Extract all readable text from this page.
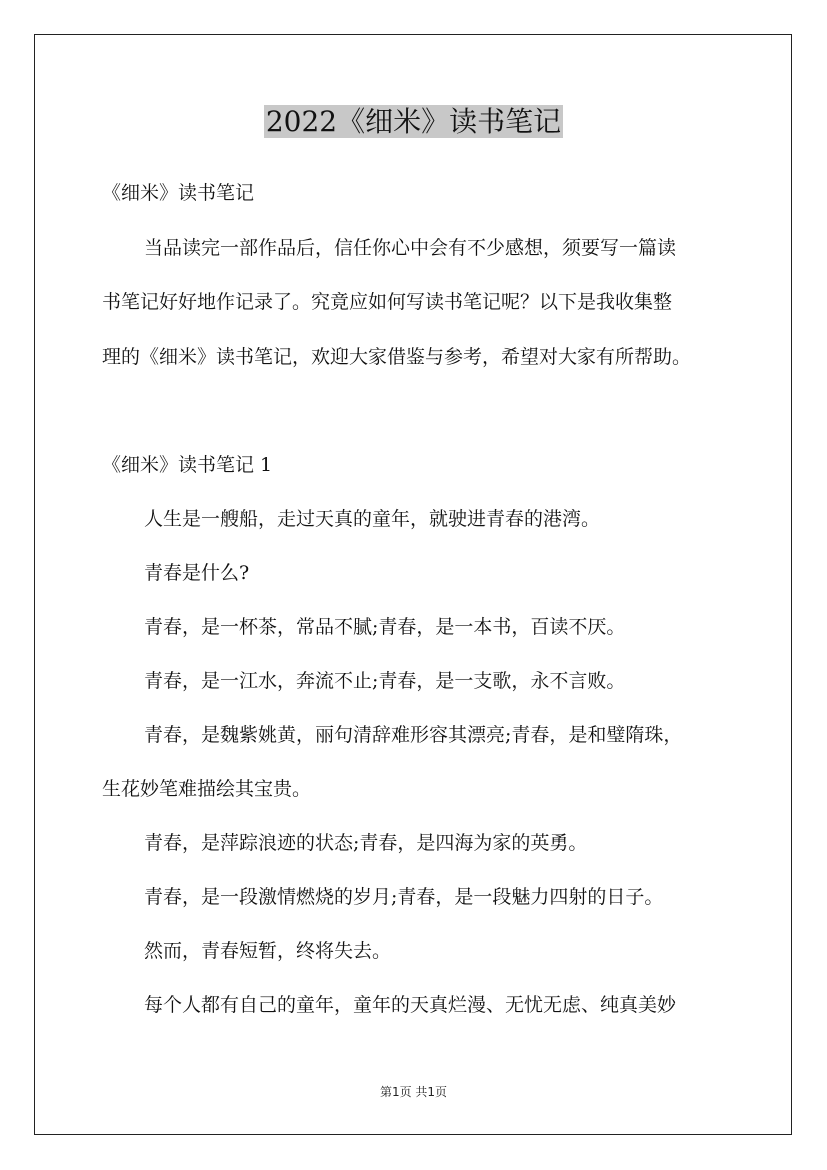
2022《细米》读书笔记

《细米》读书笔记

当品读完一部作品后，信任你心中会有不少感想，须要写一篇读

书笔记好好地作记录了。究竟应如何写读书笔记呢？以下是我收集整

理的《细米》读书笔记，欢迎大家借鉴与参考，希望对大家有所帮助。

《细米》读书笔记 1

人生是一艘船，走过天真的童年，就驶进青春的港湾。

青春是什么?

青春，是一杯茶，常品不腻;青春，是一本书，百读不厌。

青春，是一江水，奔流不止;青春，是一支歌，永不言败。

青春，是魏紫姚黄，丽句清辞难形容其漂亮;青春，是和璧隋珠，

生花妙笔难描绘其宝贵。

青春，是萍踪浪迹的状态;青春，是四海为家的英勇。

青春，是一段激情燃烧的岁月;青春，是一段魅力四射的日子。

然而，青春短暂，终将失去。

每个人都有自己的童年，童年的天真烂漫、无忧无虑、纯真美妙

第1页 共1页
